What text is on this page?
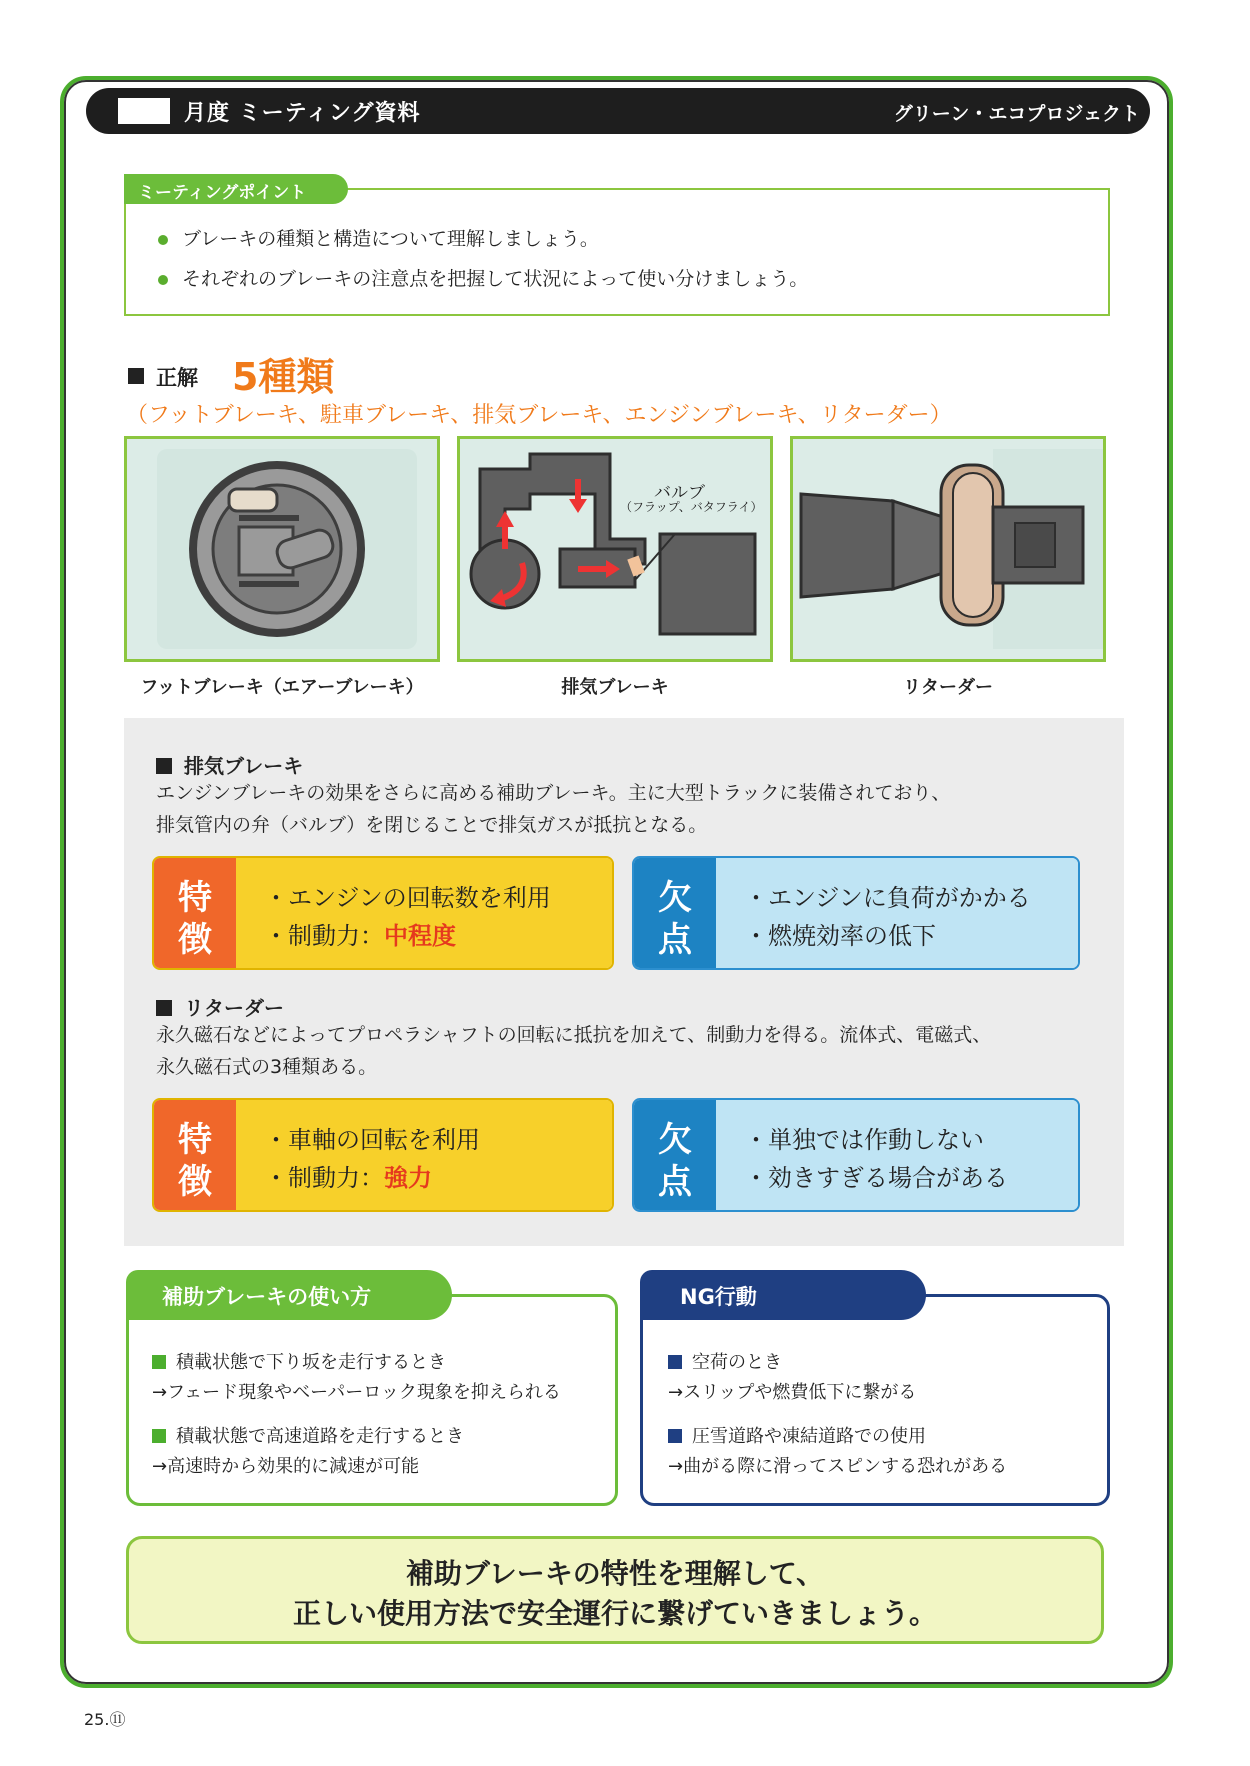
月度 ミーティング資料	グリーン・エコプロジェクト
ミーティングポイント
ブレーキの種類と構造について理解しましょう。
それぞれのブレーキの注意点を把握して状況によって使い分けましょう。
正解 5種類
（フットブレーキ、駐車ブレーキ、排気ブレーキ、エンジンブレーキ、リターダー）
バルブ
（フラップ、バタフライ）
フットブレーキ（エアーブレーキ）	排気ブレーキ	リターダー
排気ブレーキ
エンジンブレーキの効果をさらに高める補助ブレーキ。主に大型トラックに装備されており、
排気管内の弁（バルブ）を閉じることで排気ガスが抵抗となる。
特
徴
・エンジンの回転数を利用
・制動力：中程度
欠
点
・エンジンに負荷がかかる
・燃焼効率の低下
リターダー
永久磁石などによってプロペラシャフトの回転に抵抗を加えて、制動力を得る。流体式、電磁式、
永久磁石式の3種類ある。
特
徴
・車軸の回転を利用
・制動力：強力
欠
点
・単独では作動しない
・効きすぎる場合がある
補助ブレーキの使い方
積載状態で下り坂を走行するとき
→フェード現象やベーパーロック現象を抑えられる
積載状態で高速道路を走行するとき
→高速時から効果的に減速が可能
NG行動
空荷のとき
→スリップや燃費低下に繋がる
圧雪道路や凍結道路での使用
→曲がる際に滑ってスピンする恐れがある
補助ブレーキの特性を理解して、
正しい使用方法で安全運行に繋げていきましょう。
25.⑪
